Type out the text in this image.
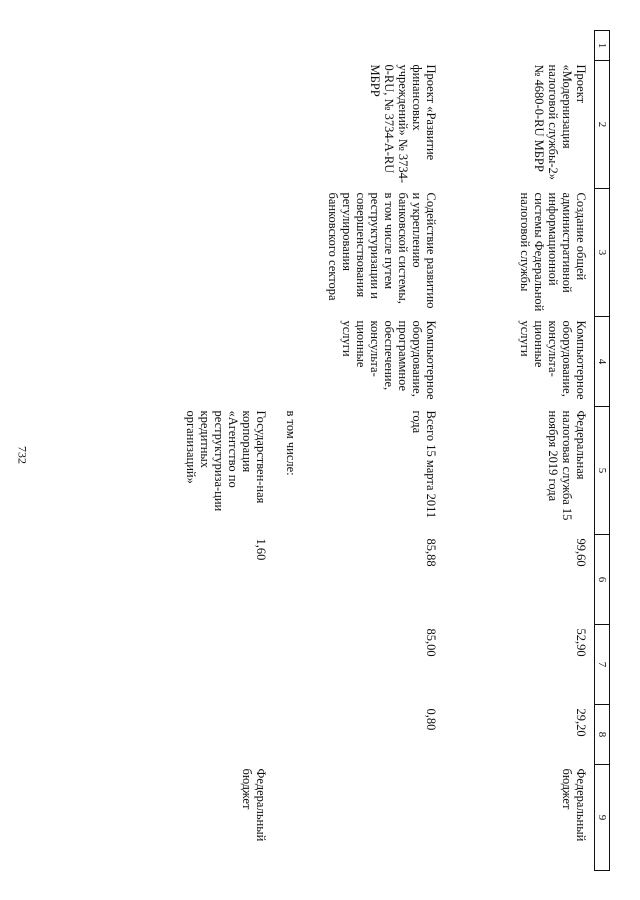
732
1	2	3	4	5	6	7	8	9
	Проект «Модернизация налоговой службы-2» № 4680-0-RU МБРР	Создание общей административной информационной системы Федеральной налоговой службы	Компьютерное оборудование, консульта-ционные услуги	Федеральная налоговая служба 15 ноября 2019 года	99,60	52,90	29,20	Федеральный бюджет
	Проект «Развитие финансовых учреждений» № 3734-0-RU, № 3734-A-RU МБРР	Содействие развитию и укреплению банковской системы, в том числе путем реструктуризации и совершенствования регулирования банковского сектора	Компьютерное оборудование, программное обеспечение, консульта-ционные услуги	Всего 15 марта 2011 года	85,88	85,00	0,80	
				в том числе:				
				Государствен-ная корпорация «Агентство по реструктуриза-ции кредитных организаций»	1,60			Федеральный бюджет
